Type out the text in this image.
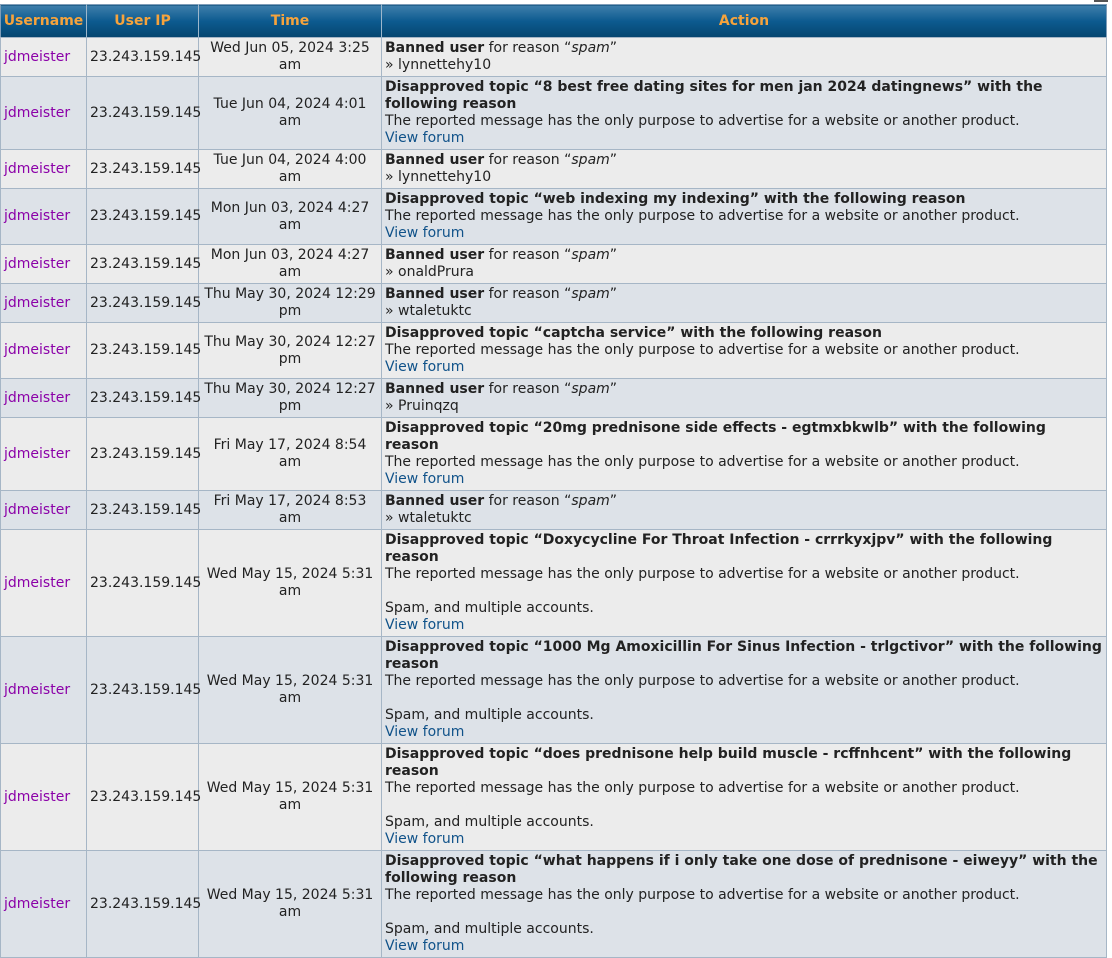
Username	User IP	Time	Action
jdmeister	23.243.159.145	Wed Jun 05, 2024 3:25 am	Banned user for reason “spam”
» lynnettehy10

jdmeister	23.243.159.145	Tue Jun 04, 2024 4:01 am	Disapproved topic “8 best free dating sites for men jan 2024 datingnews” with the following reason
The reported message has the only purpose to advertise for a website or another product.
View forum
jdmeister	23.243.159.145	Tue Jun 04, 2024 4:00 am	Banned user for reason “spam”
» lynnettehy10

jdmeister	23.243.159.145	Mon Jun 03, 2024 4:27 am	Disapproved topic “web indexing my indexing” with the following reason
The reported message has the only purpose to advertise for a website or another product.
View forum
jdmeister	23.243.159.145	Mon Jun 03, 2024 4:27 am	Banned user for reason “spam”
» onaldPrura

jdmeister	23.243.159.145	Thu May 30, 2024 12:29 pm	Banned user for reason “spam”
» wtaletuktc

jdmeister	23.243.159.145	Thu May 30, 2024 12:27 pm	Disapproved topic “captcha service” with the following reason
The reported message has the only purpose to advertise for a website or another product.
View forum
jdmeister	23.243.159.145	Thu May 30, 2024 12:27 pm	Banned user for reason “spam”
» Pruinqzq

jdmeister	23.243.159.145	Fri May 17, 2024 8:54 am	Disapproved topic “20mg prednisone side effects - egtmxbkwlb” with the following reason
The reported message has the only purpose to advertise for a website or another product.
View forum
jdmeister	23.243.159.145	Fri May 17, 2024 8:53 am	Banned user for reason “spam”
» wtaletuktc

jdmeister	23.243.159.145	Wed May 15, 2024 5:31 am	Disapproved topic “Doxycycline For Throat Infection - crrrkyxjpv” with the following reason
The reported message has the only purpose to advertise for a website or another product.
Spam, and multiple accounts.
View forum
jdmeister	23.243.159.145	Wed May 15, 2024 5:31 am	Disapproved topic “1000 Mg Amoxicillin For Sinus Infection - trlgctivor” with the following reason
The reported message has the only purpose to advertise for a website or another product.
Spam, and multiple accounts.
View forum
jdmeister	23.243.159.145	Wed May 15, 2024 5:31 am	Disapproved topic “does prednisone help build muscle - rcffnhcent” with the following reason
The reported message has the only purpose to advertise for a website or another product.
Spam, and multiple accounts.
View forum
jdmeister	23.243.159.145	Wed May 15, 2024 5:31 am	Disapproved topic “what happens if i only take one dose of prednisone - eiweyy” with the following reason
The reported message has the only purpose to advertise for a website or another product.
Spam, and multiple accounts.
View forum
